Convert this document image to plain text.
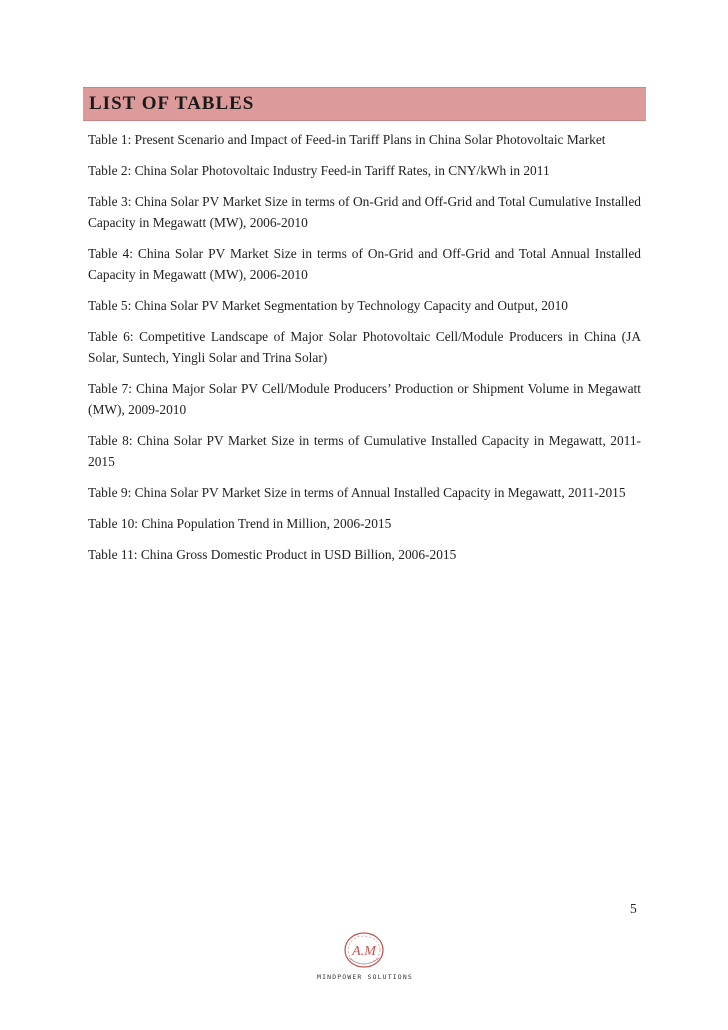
LIST OF TABLES
Table 1: Present Scenario and Impact of Feed-in Tariff Plans in China Solar Photovoltaic Market
Table 2: China Solar Photovoltaic Industry Feed-in Tariff Rates, in CNY/kWh in 2011
Table 3: China Solar PV Market Size in terms of On-Grid and Off-Grid and Total Cumulative Installed Capacity in Megawatt (MW), 2006-2010
Table 4: China Solar PV Market Size in terms of On-Grid and Off-Grid and Total Annual Installed Capacity in Megawatt (MW), 2006-2010
Table 5: China Solar PV Market Segmentation by Technology Capacity and Output, 2010
Table 6: Competitive Landscape of Major Solar Photovoltaic Cell/Module Producers in China (JA Solar, Suntech, Yingli Solar and Trina Solar)
Table 7: China Major Solar PV Cell/Module Producers’ Production or Shipment Volume in Megawatt (MW), 2009-2010
Table 8: China Solar PV Market Size in terms of Cumulative Installed Capacity in Megawatt, 2011-2015
Table 9: China Solar PV Market Size in terms of Annual Installed Capacity in Megawatt, 2011-2015
Table 10: China Population Trend in Million, 2006-2015
Table 11: China Gross Domestic Product in USD Billion, 2006-2015
5
A.M
MINDPOWER SOLUTIONS
